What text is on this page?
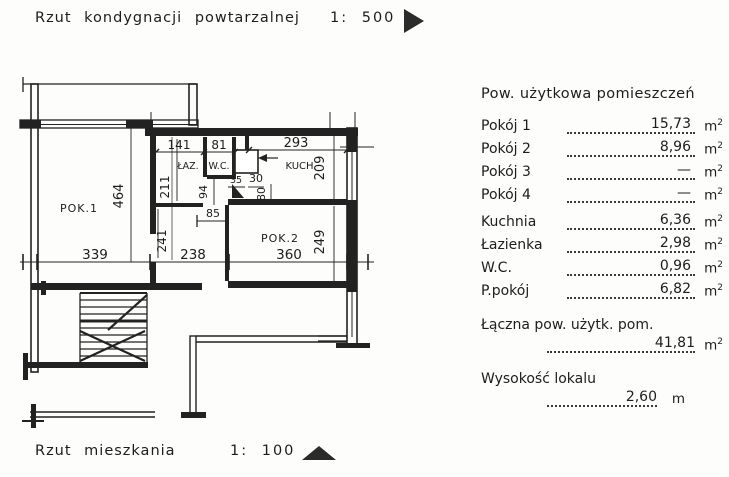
Rzut kondygnacji powtarzalnej 1: 500
141 81	293
209
249
464	211
241
94	80
85
35 30
339	238	360
POK.1
POK.2
ŁAZ. W.C.	KUCH.
Pow. użytkowa pomieszczeń
Pokój 1	15,73 $m^2$
Pokój 2	8,96 $m^2$
Pokój 3	— $m^2$
Pokój 4	— $m^2$
Kuchnia	6,36 $m^2$
Łazienka	2,98 $m^2$
W.C.	0,96 $m^2$
P.pokój	6,82 $m^2$
Łączna pow. użytk. pom.
41,81 $m^2$
Wysokość lokalu
2,60	m
Rzut mieszkania	1: 100
